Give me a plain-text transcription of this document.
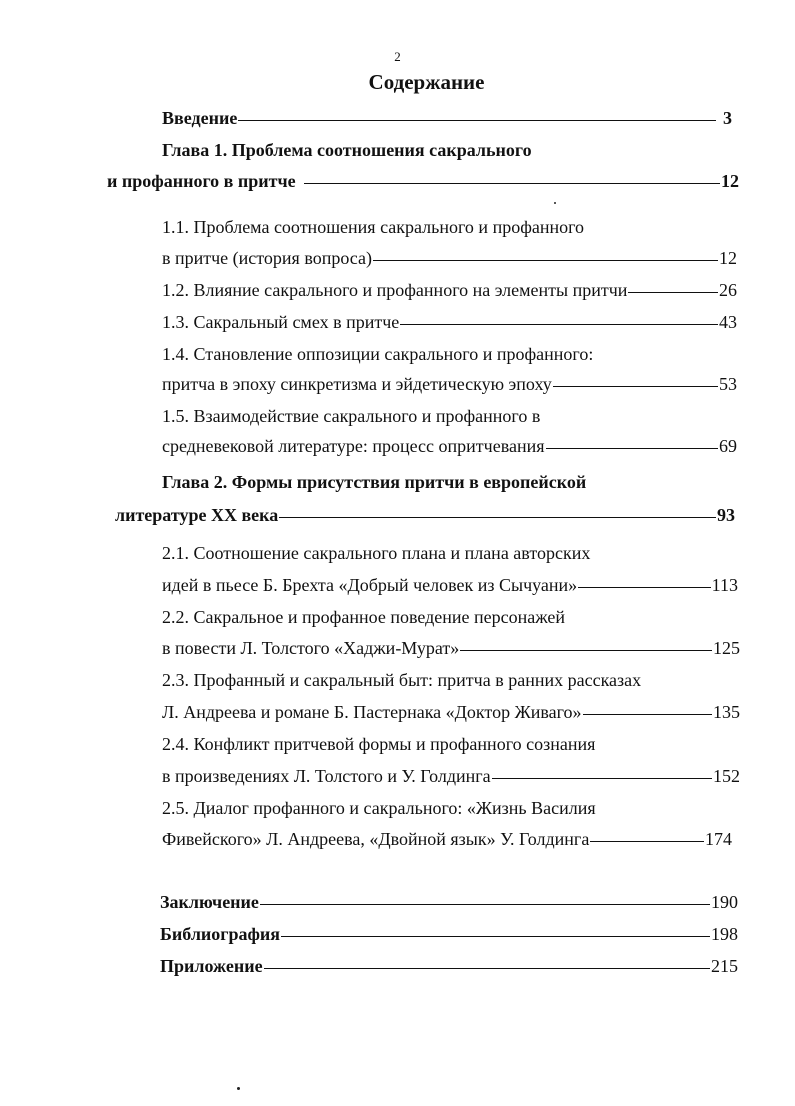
2
Содержание
Введение	3
Глава 1. Проблема соотношения сакрального
и профанного в притче	12
1.1. Проблема соотношения сакрального и профанного
в притче (история вопроса)	12
1.2. Влияние сакрального и профанного на элементы притчи	26
1.3. Сакральный смех в притче	43
1.4. Становление оппозиции сакрального и профанного:
притча в эпоху синкретизма и эйдетическую эпоху	53
1.5. Взаимодействие сакрального и профанного в
средневековой литературе: процесс опритчевания	69
Глава 2. Формы присутствия притчи в европейской
литературе XX века	93
2.1. Соотношение сакрального плана и плана авторских
идей в пьесе Б. Брехта «Добрый человек из Сычуани»	113
2.2. Сакральное и профанное поведение персонажей
в повести Л. Толстого «Хаджи-Мурат»	125
2.3. Профанный и сакральный быт: притча в ранних рассказах
Л. Андреева и романе Б. Пастернака «Доктор Живаго»	135
2.4. Конфликт притчевой формы и профанного сознания
в произведениях Л. Толстого и У. Голдинга	152
2.5. Диалог профанного и сакрального: «Жизнь Василия
Фивейского» Л. Андреева, «Двойной язык» У. Голдинга	174
Заключение	190
Библиография	198
Приложение	215
